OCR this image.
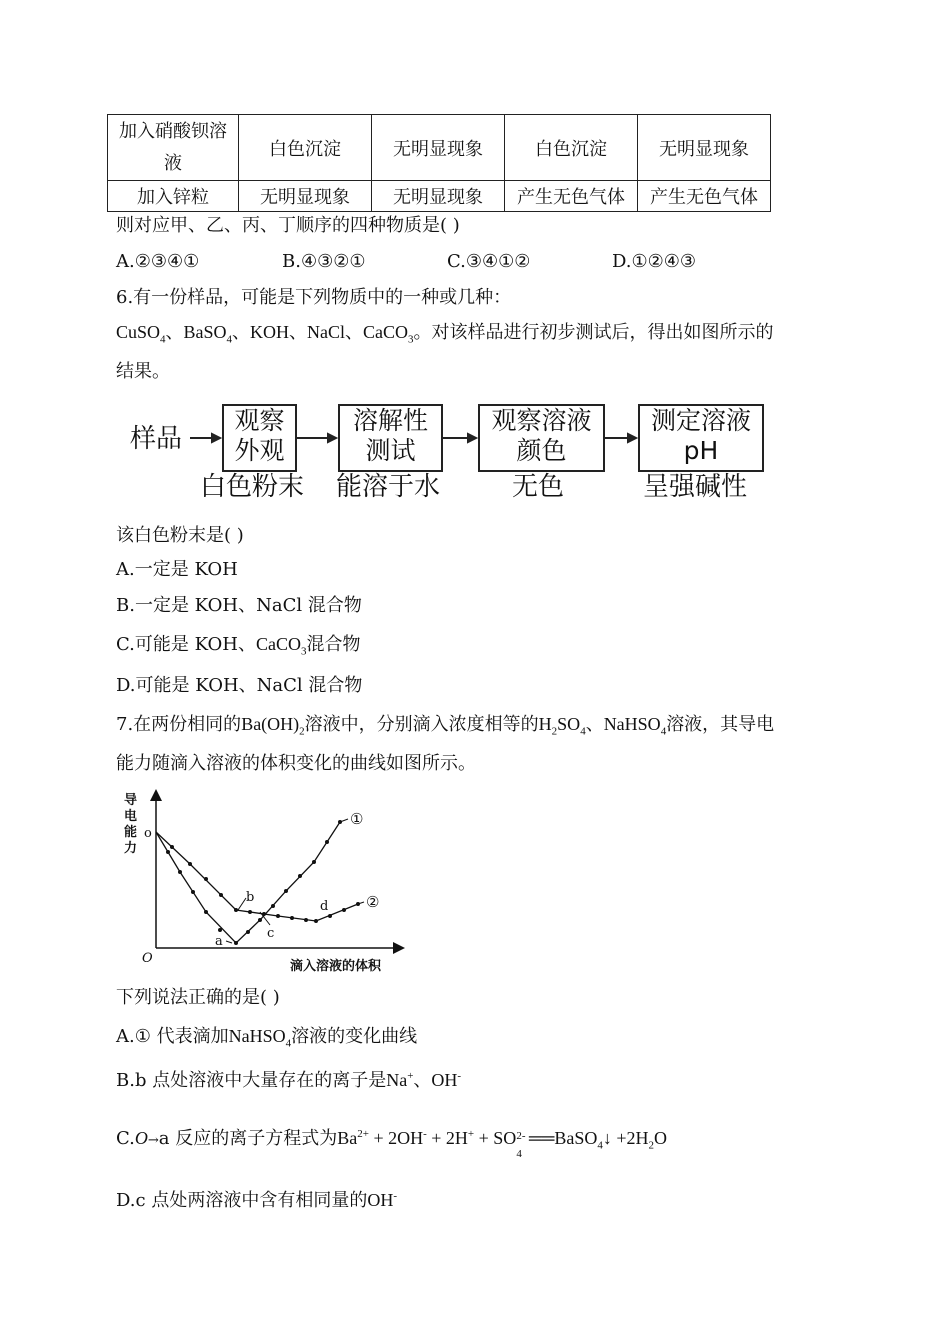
加入硝酸钡溶
液	白色沉淀	无明显现象	白色沉淀	无明显现象
加入锌粒	无明显现象	无明显现象	产生无色气体	产生无色气体
则对应甲、乙、丙、丁顺序的四种物质是( )
A.②③④①	B.④③②①	C.③④①②	D.①②④③
6.有一份样品，可能是下列物质中的一种或几种：
CuSO$_4$、BaSO$_4$、KOH、NaCl、CaCO$_3$。对该样品进行初步测试后，得出如图所示的
结果。
样品
观察
外观
溶解性
测试
观察溶液
颜色
测定溶液
pH
白色粉末 能溶于水	无色	呈强碱性
该白色粉末是( )
A.一定是 KOH
B.一定是 KOH、NaCl 混合物
C.可能是 KOH、CaCO$_3$混合物
D.可能是 KOH、NaCl 混合物
7.在两份相同的$Ba(OH)_2$溶液中，分别滴入浓度相等的$H_2SO_4$、NaHSO$_4$溶液，其导电
能力随滴入溶液的体积变化的曲线如图所示。
导
电
能
力
滴入溶液的体积
O
o
a
b
c
d
①
②
下列说法正确的是( )
A.① 代表滴加NaHSO$_4$溶液的变化曲线
B.b 点处溶液中大量存在的离子是Na+、OH-
C.O→a 反应的离子方程式为$Ba^{2+} + 2OH^- + 2H^+$ + SO 2-
4
══BaSO$_4$↓ $+2H_2O$
D.c 点处两溶液中含有相同量的OH-
